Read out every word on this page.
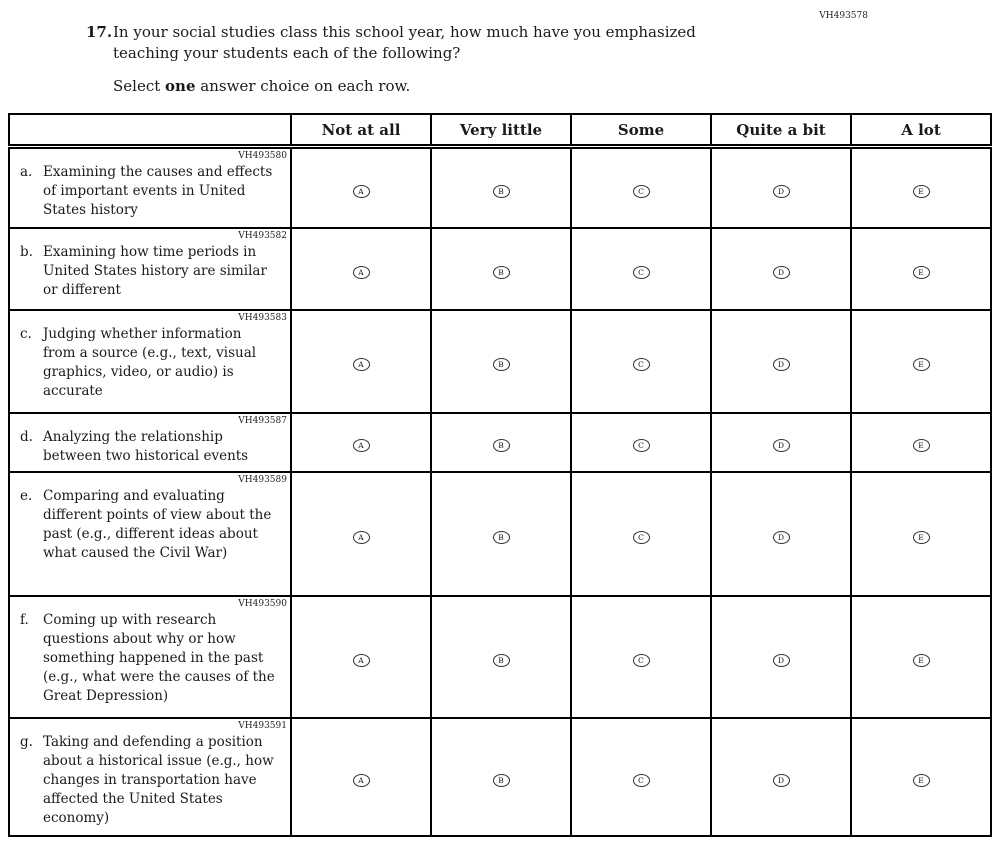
VH493578
17. In your social studies class this school year, how much have you emphasized teaching your students each of the following?
Select one answer choice on each row.
	Not at all	Very little	Some	Quite a bit	A lot

VH493580
a. Examining the causes and effects of important events in United States history	A	B	C	D	E

VH493582
b. Examining how time periods in United States history are similar or different	A	B	C	D	E

VH493583
c. Judging whether information from a source (e.g., text, visual graphics, video, or audio) is accurate	A	B	C	D	E

VH493587
d. Analyzing the relationship between two historical events	A	B	C	D	E

VH493589
e. Comparing and evaluating different points of view about the past (e.g., different ideas about what caused the Civil War)	A	B	C	D	E

VH493590
f. Coming up with research questions about why or how something happened in the past (e.g., what were the causes of the Great Depression)	A	B	C	D	E

VH493591
g. Taking and defending a position about a historical issue (e.g., how changes in transportation have affected the United States economy)	A	B	C	D	E
